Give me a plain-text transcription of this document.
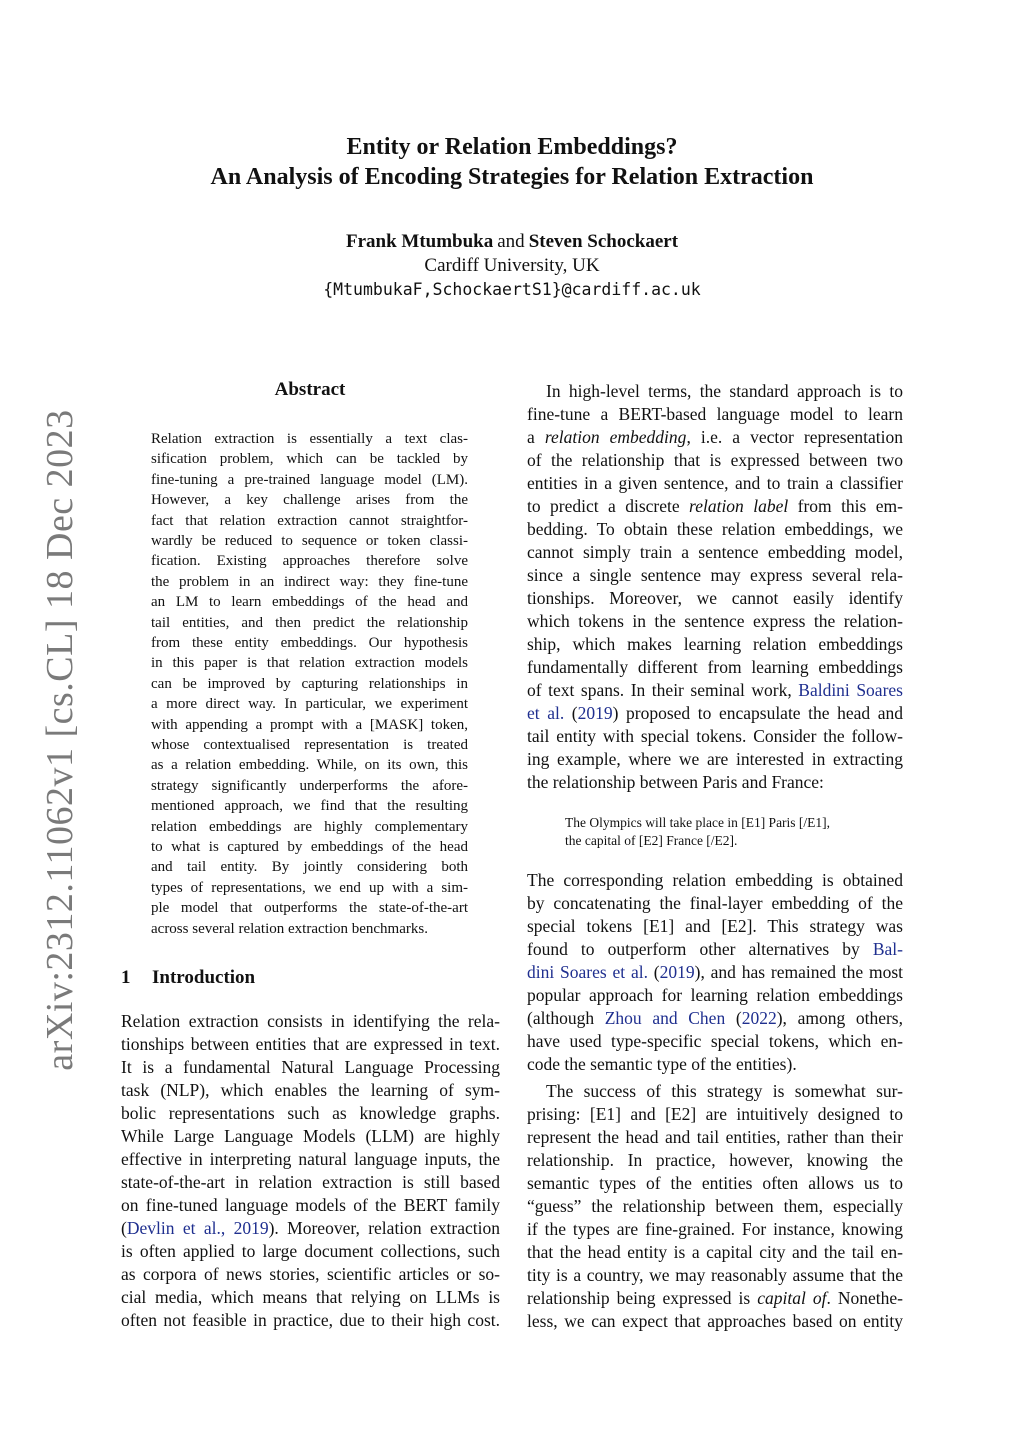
arXiv:2312.11062v1 [cs.CL] 18 Dec 2023
Entity or Relation Embeddings?
An Analysis of Encoding Strategies for Relation Extraction
Frank Mtumbuka and Steven Schockaert
Cardiff University, UK
{MtumbukaF,SchockaertS1}@cardiff.ac.uk
Abstract
Relation extraction is essentially a text clas-
sification problem, which can be tackled by
fine-tuning a pre-trained language model (LM).
However, a key challenge arises from the
fact that relation extraction cannot straightfor-
wardly be reduced to sequence or token classi-
fication. Existing approaches therefore solve
the problem in an indirect way: they fine-tune
an LM to learn embeddings of the head and
tail entities, and then predict the relationship
from these entity embeddings. Our hypothesis
in this paper is that relation extraction models
can be improved by capturing relationships in
a more direct way. In particular, we experiment
with appending a prompt with a [MASK] token,
whose contextualised representation is treated
as a relation embedding. While, on its own, this
strategy significantly underperforms the afore-
mentioned approach, we find that the resulting
relation embeddings are highly complementary
to what is captured by embeddings of the head
and tail entity. By jointly considering both
types of representations, we end up with a sim-
ple model that outperforms the state-of-the-art
across several relation extraction benchmarks.
1 Introduction
Relation extraction consists in identifying the rela-
tionships between entities that are expressed in text.
It is a fundamental Natural Language Processing
task (NLP), which enables the learning of sym-
bolic representations such as knowledge graphs.
While Large Language Models (LLM) are highly
effective in interpreting natural language inputs, the
state-of-the-art in relation extraction is still based
on fine-tuned language models of the BERT family
(Devlin et al., 2019). Moreover, relation extraction
is often applied to large document collections, such
as corpora of news stories, scientific articles or so-
cial media, which means that relying on LLMs is
often not feasible in practice, due to their high cost.
In high-level terms, the standard approach is to
fine-tune a BERT-based language model to learn
a relation embedding, i.e. a vector representation
of the relationship that is expressed between two
entities in a given sentence, and to train a classifier
to predict a discrete relation label from this em-
bedding. To obtain these relation embeddings, we
cannot simply train a sentence embedding model,
since a single sentence may express several rela-
tionships. Moreover, we cannot easily identify
which tokens in the sentence express the relation-
ship, which makes learning relation embeddings
fundamentally different from learning embeddings
of text spans. In their seminal work, Baldini Soares
et al. (2019) proposed to encapsulate the head and
tail entity with special tokens. Consider the follow-
ing example, where we are interested in extracting
the relationship between Paris and France:
The Olympics will take place in [E1] Paris [/E1],
the capital of [E2] France [/E2].
The corresponding relation embedding is obtained
by concatenating the final-layer embedding of the
special tokens [E1] and [E2]. This strategy was
found to outperform other alternatives by Bal-
dini Soares et al. (2019), and has remained the most
popular approach for learning relation embeddings
(although Zhou and Chen (2022), among others,
have used type-specific special tokens, which en-
code the semantic type of the entities).
The success of this strategy is somewhat sur-
prising: [E1] and [E2] are intuitively designed to
represent the head and tail entities, rather than their
relationship. In practice, however, knowing the
semantic types of the entities often allows us to
“guess” the relationship between them, especially
if the types are fine-grained. For instance, knowing
that the head entity is a capital city and the tail en-
tity is a country, we may reasonably assume that the
relationship being expressed is capital of. Nonethe-
less, we can expect that approaches based on entity
